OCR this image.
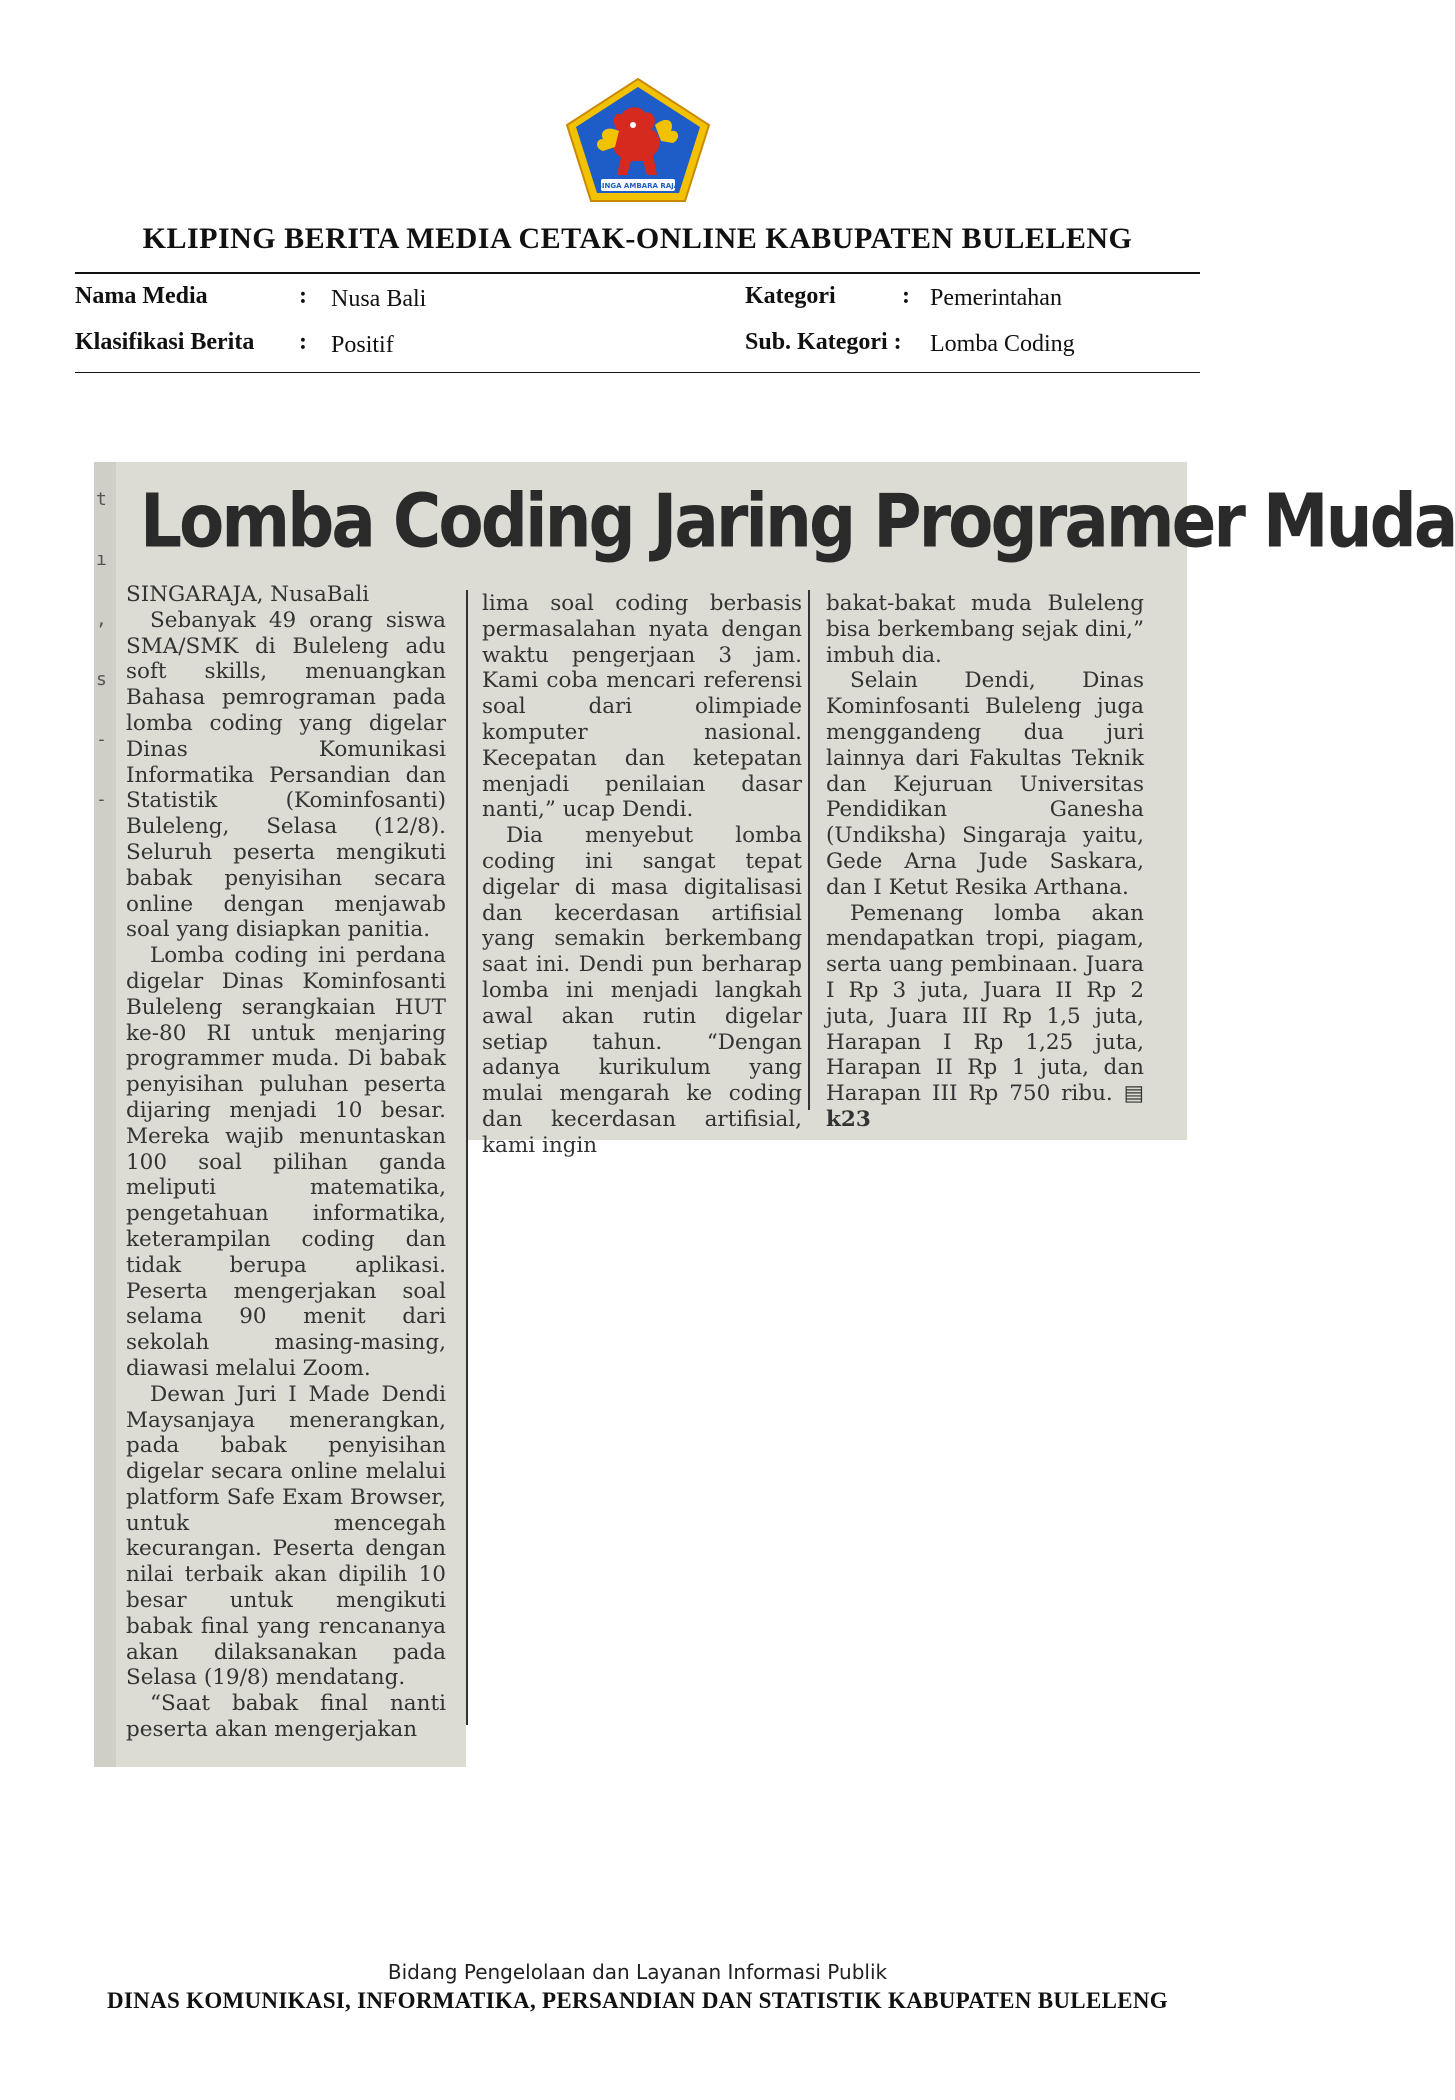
SINGA AMBARA RAJA
KLIPING BERITA MEDIA CETAK-ONLINE KABUPATEN BULELENG
Nama Media	: Nusa Bali
Klasifikasi Berita : Positif
Kategori	: Pemerintahan
Sub. Kategori : Lomba Coding
t
ı
,
s
-
-
Lomba Coding Jaring Programer Muda

SINGARAJA, NusaBali

Sebanyak 49 orang siswa SMA/SMK di Buleleng adu soft skills, menuangkan Bahasa pemrograman pada lomba coding yang digelar Dinas Komunikasi Informatika Persandian dan Statistik (Kominfosanti) Buleleng, Selasa (12/8). Seluruh peserta mengikuti babak penyisihan secara online dengan menjawab soal yang disiapkan panitia.

Lomba coding ini perdana digelar Dinas Kominfosanti Buleleng serangkaian HUT ke-80 RI untuk menjaring programmer muda. Di babak penyisihan puluhan peserta dijaring menjadi 10 besar. Mereka wajib menuntaskan 100 soal pilihan ganda meliputi matematika, pengetahuan informatika, keterampilan coding dan tidak berupa aplikasi. Peserta mengerjakan soal selama 90 menit dari sekolah masing-masing, diawasi melalui Zoom.

Dewan Juri I Made Dendi Maysanjaya menerangkan, pada babak penyisihan digelar secara online melalui platform Safe Exam Browser, untuk mencegah kecurangan. Peserta dengan nilai terbaik akan dipilih 10 besar untuk mengikuti babak final yang rencananya akan dilaksanakan pada Selasa (19/8) mendatang.

“Saat babak final nanti peserta akan mengerjakan

lima soal coding berbasis permasalahan nyata dengan waktu pengerjaan 3 jam. Kami coba mencari referensi soal dari olimpiade komputer nasional. Kecepatan dan ketepatan menjadi penilaian dasar nanti,” ucap Dendi.

Dia menyebut lomba coding ini sangat tepat digelar di masa digitalisasi dan kecerdasan artifisial yang semakin berkembang saat ini. Dendi pun berharap lomba ini menjadi langkah awal akan rutin digelar setiap tahun. “Dengan adanya kurikulum yang mulai mengarah ke coding dan kecerdasan artifisial, kami ingin

bakat-bakat muda Buleleng bisa berkembang sejak dini,” imbuh dia.

Selain Dendi, Dinas Kominfosanti Buleleng juga menggandeng dua juri lainnya dari Fakultas Teknik dan Kejuruan Universitas Pendidikan Ganesha (Undiksha) Singaraja yaitu, Gede Arna Jude Saskara, dan I Ketut Resika Arthana.

Pemenang lomba akan mendapatkan tropi, piagam, serta uang pembinaan. Juara I Rp 3 juta, Juara II Rp 2 juta, Juara III Rp 1,5 juta, Harapan I Rp 1,25 juta, Harapan II Rp 1 juta, dan Harapan III Rp 750 ribu. ▤ k23

Bidang Pengelolaan dan Layanan Informasi Publik
DINAS KOMUNIKASI, INFORMATIKA, PERSANDIAN DAN STATISTIK KABUPATEN BULELENG
